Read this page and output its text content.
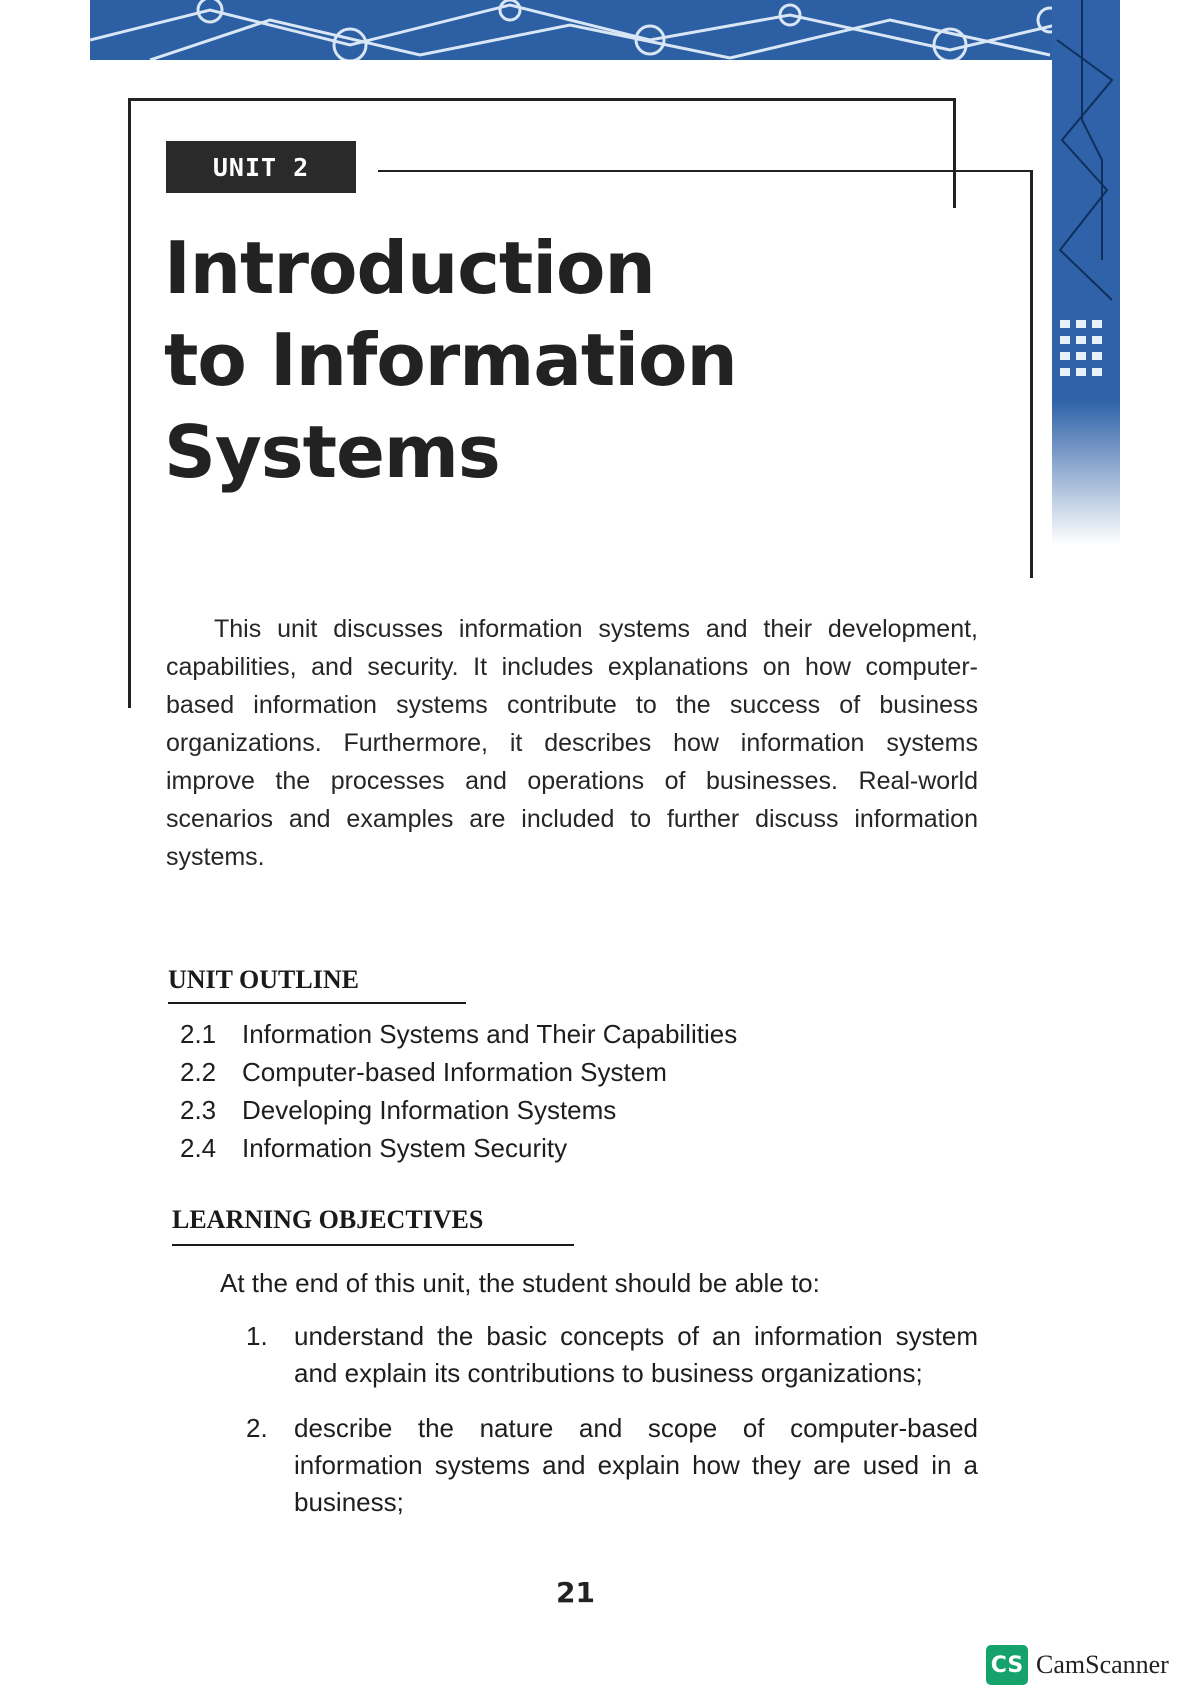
UNIT 2
Introduction
to Information
Systems

This unit discusses information systems and their development, capabilities, and security. It includes explanations on how computer-based information systems contribute to the success of business organizations. Furthermore, it describes how information systems improve the processes and operations of businesses. Real-world scenarios and examples are included to further discuss information systems.

UNIT OUTLINE
2.1 Information Systems and Their Capabilities
2.2 Computer-based Information System
2.3 Developing Information Systems
2.4 Information System Security
LEARNING OBJECTIVES

At the end of this unit, the student should be able to:

1.	understand the basic concepts of an information system and explain its contributions to business organizations;
2.	describe the nature and scope of computer-based information systems and explain how they are used in a business;
21
CS CamScanner
